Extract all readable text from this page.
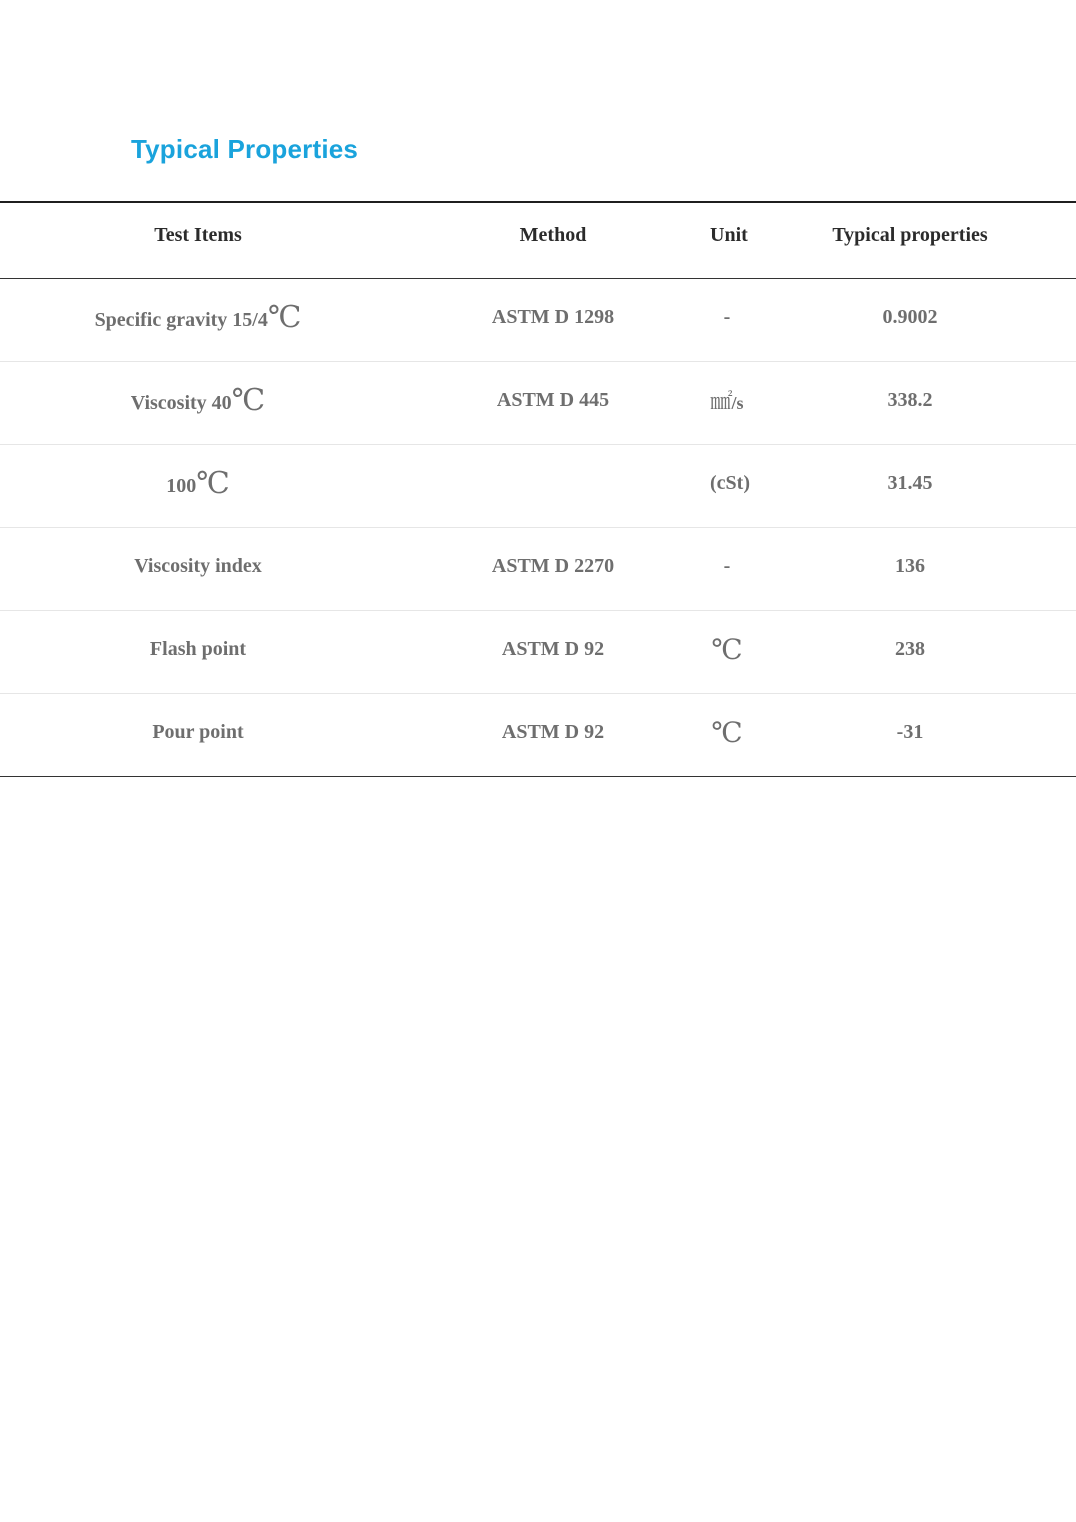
Typical Properties
Test Items	Method	Unit	Typical properties
Specific gravity 15/4℃	ASTM D 1298	-	0.9002
Viscosity 40℃	ASTM D 445	㎟/s	338.2
100℃		(cSt)	31.45
Viscosity index	ASTM D 2270	-	136
Flash point	ASTM D 92	℃	238
Pour point	ASTM D 92	℃	-31
